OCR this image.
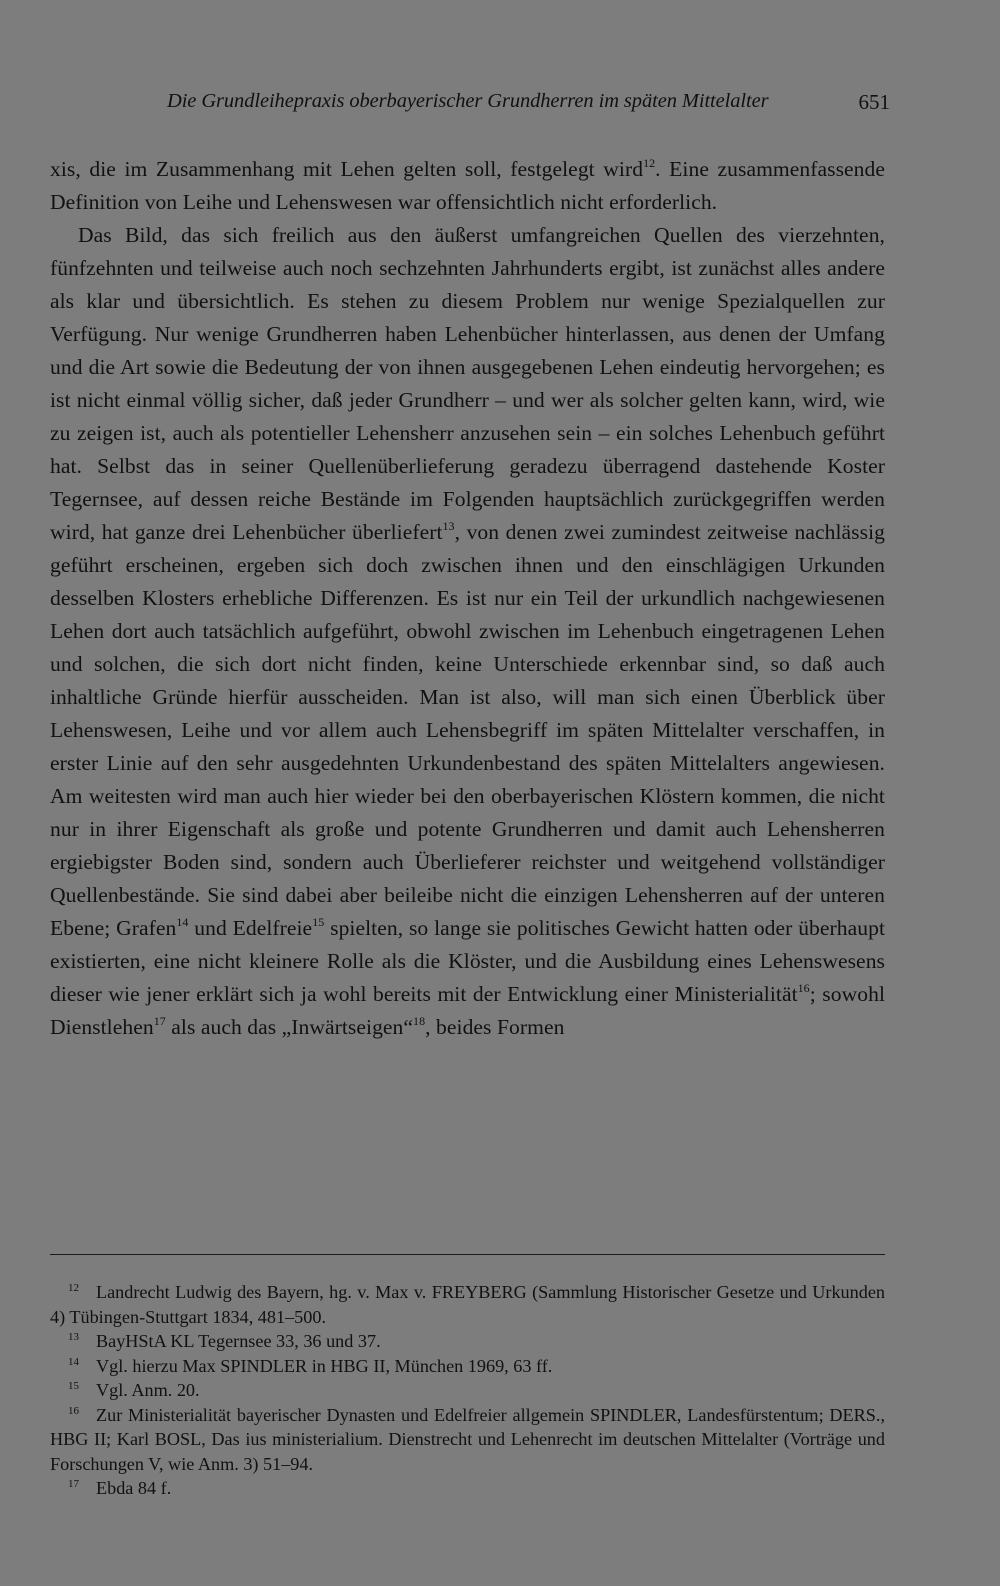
Die Grundleihepraxis oberbayerischer Grundherren im späten Mittelalter	651

xis, die im Zusammenhang mit Lehen gelten soll, festgelegt wird$^{12}$. Eine zusammenfassende Definition von Leihe und Lehenswesen war offensichtlich nicht erforderlich.

Das Bild, das sich freilich aus den äußerst umfangreichen Quellen des vierzehnten, fünfzehnten und teilweise auch noch sechzehnten Jahrhunderts ergibt, ist zunächst alles andere als klar und übersichtlich. Es stehen zu diesem Problem nur wenige Spezialquellen zur Verfügung. Nur wenige Grundherren haben Lehenbücher hinterlassen, aus denen der Umfang und die Art sowie die Bedeutung der von ihnen ausgegebenen Lehen eindeutig hervorgehen; es ist nicht einmal völlig sicher, daß jeder Grundherr – und wer als solcher gelten kann, wird, wie zu zeigen ist, auch als potentieller Lehensherr anzusehen sein – ein solches Lehenbuch geführt hat. Selbst das in seiner Quellenüberlieferung geradezu überragend dastehende Koster Tegernsee, auf dessen reiche Bestände im Folgenden hauptsächlich zurückgegriffen werden wird, hat ganze drei Lehenbücher überliefert$^{13}$, von denen zwei zumindest zeitweise nachlässig geführt erscheinen, ergeben sich doch zwischen ihnen und den einschlägigen Urkunden desselben Klosters erhebliche Differenzen. Es ist nur ein Teil der urkundlich nachgewiesenen Lehen dort auch tatsächlich aufgeführt, obwohl zwischen im Lehenbuch eingetragenen Lehen und solchen, die sich dort nicht finden, keine Unterschiede erkennbar sind, so daß auch inhaltliche Gründe hierfür ausscheiden. Man ist also, will man sich einen Überblick über Lehenswesen, Leihe und vor allem auch Lehensbegriff im späten Mittelalter verschaffen, in erster Linie auf den sehr ausgedehnten Urkundenbestand des späten Mittelalters angewiesen. Am weitesten wird man auch hier wieder bei den oberbayerischen Klöstern kommen, die nicht nur in ihrer Eigenschaft als große und potente Grundherren und damit auch Lehensherren ergiebigster Boden sind, sondern auch Überlieferer reichster und weitgehend vollständiger Quellenbestände. Sie sind dabei aber beileibe nicht die einzigen Lehensherren auf der unteren Ebene; Grafen$^{14}$ und Edelfreie$^{15}$ spielten, so lange sie politisches Gewicht hatten oder überhaupt existierten, eine nicht kleinere Rolle als die Klöster, und die Ausbildung eines Lehenswesens dieser wie jener erklärt sich ja wohl bereits mit der Entwicklung einer Ministerialität$^{16}$; sowohl Dienstlehen$^{17}$ als auch das „Inwärtseigen“$^{18}$, beides Formen

12 Landrecht Ludwig des Bayern, hg. v. Max v. FREYBERG (Sammlung Historischer Gesetze und Urkunden 4) Tübingen-Stuttgart 1834, 481–500.

13 BayHStA KL Tegernsee 33, 36 und 37.

14 Vgl. hierzu Max SPINDLER in HBG II, München 1969, 63 ff.

15 Vgl. Anm. 20.

16 Zur Ministerialität bayerischer Dynasten und Edelfreier allgemein SPINDLER, Landesfürstentum; DERS., HBG II; Karl BOSL, Das ius ministerialium. Dienstrecht und Lehenrecht im deutschen Mittelalter (Vorträge und Forschungen V, wie Anm. 3) 51–94.

17 Ebda 84 f.
